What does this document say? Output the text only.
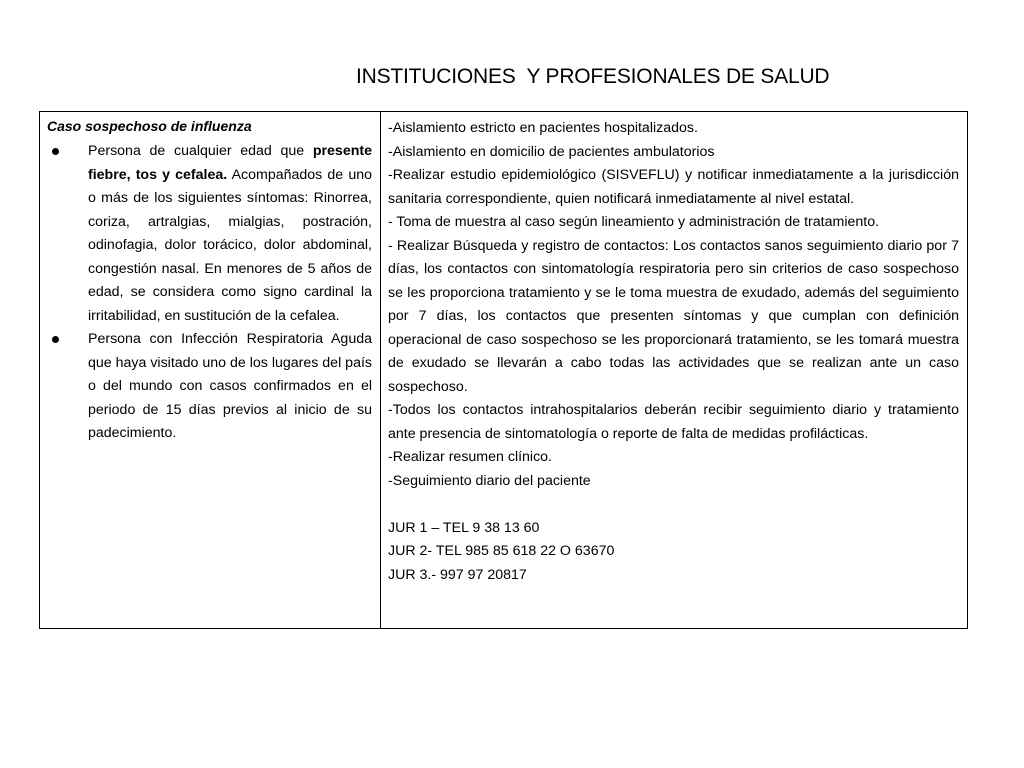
INSTITUCIONES  Y PROFESIONALES DE SALUD
Caso sospechoso de influenza
Persona de cualquier edad que presente fiebre, tos y cefalea. Acompañados de uno o más de los siguientes síntomas: Rinorrea, coriza, artralgias, mialgias, postración, odinofagia, dolor torácico, dolor abdominal, congestión nasal. En menores de 5 años de edad, se considera como signo cardinal la irritabilidad, en sustitución de la cefalea.
Persona con Infección Respiratoria Aguda que haya visitado uno de los lugares del país o del mundo con casos confirmados en el periodo de 15 días previos al inicio de su padecimiento.

-Aislamiento estricto en pacientes hospitalizados.

-Aislamiento en domicilio de pacientes ambulatorios

-Realizar estudio epidemiológico (SISVEFLU) y notificar inmediatamente a la jurisdicción sanitaria correspondiente, quien notificará inmediatamente al nivel estatal.

- Toma de muestra al caso según lineamiento y administración de tratamiento.

- Realizar Búsqueda y registro de contactos: Los contactos sanos seguimiento diario por 7 días, los contactos con sintomatología respiratoria pero sin criterios de caso sospechoso se les proporciona tratamiento y se le toma muestra de exudado, además del seguimiento por 7 días, los contactos que presenten síntomas y que cumplan con definición operacional de caso sospechoso se les proporcionará tratamiento, se les tomará muestra de exudado se llevarán a cabo todas las actividades que se realizan ante un caso sospechoso.

-Todos los contactos intrahospitalarios deberán recibir seguimiento diario y tratamiento ante presencia de sintomatología o reporte de falta de medidas profilácticas.

-Realizar resumen clínico.

-Seguimiento diario del paciente

JUR 1 – TEL 9 38 13 60

JUR 2- TEL 985 85 618 22 O 63670

JUR 3.- 997 97 20817
